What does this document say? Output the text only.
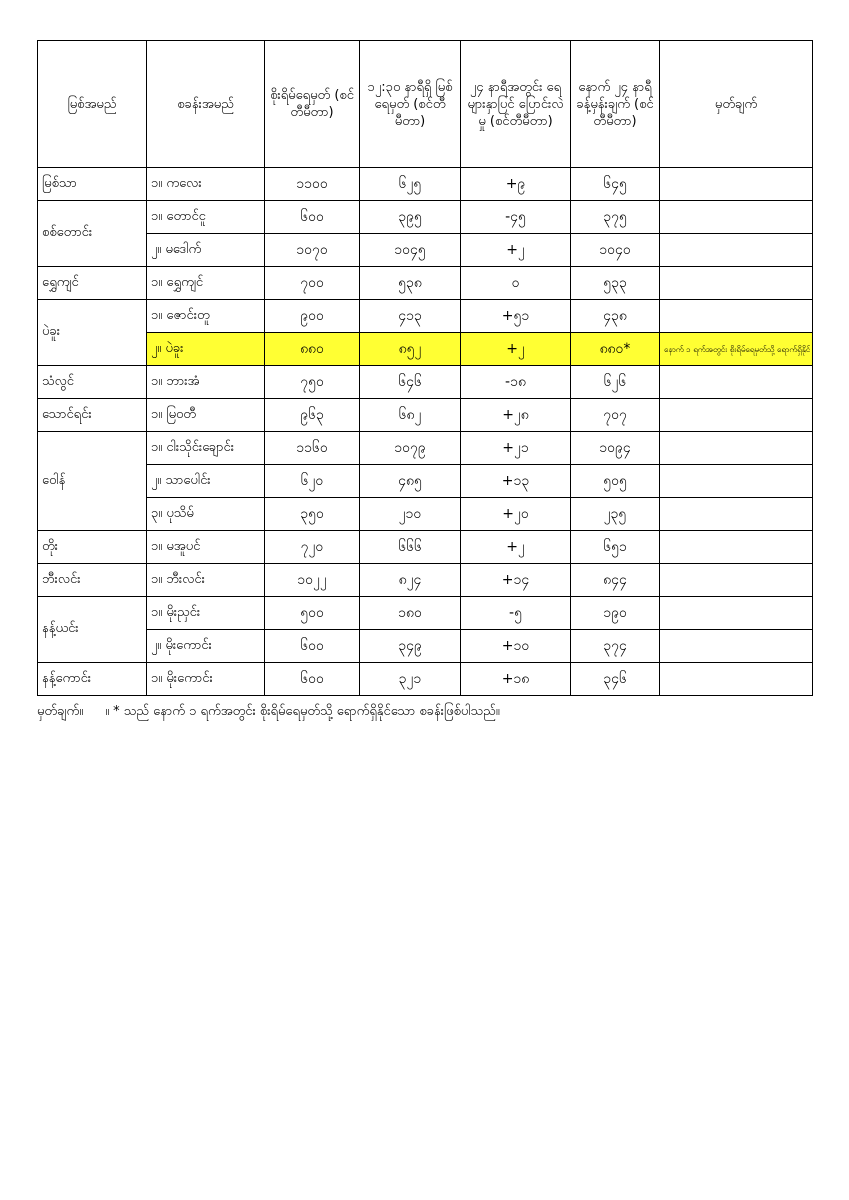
မြစ်အမည်	စခန်းအမည်	စိုးရိမ်ရေမှတ် (စင်တီမီတာ)	၁၂:၃၀ နာရီရှိ မြစ်ရေမှတ် (စင်တီမီတာ)	၂၄ နာရီအတွင်း ရေများနှာပြင် ပြောင်းလဲမှု (စင်တီမီတာ)	နောက် ၂၄ နာရီ ခန့်မှန်းချက် (စင်တီမီတာ)	မှတ်ချက်
မြစ်သာ	၁။ ကလေး	၁၁၀၀	၆၂၅	+၉	၆၄၅	
စစ်တောင်း	၁။ တောင်ငူ	၆၀၀	၃၉၅	-၄၅	၃၇၅	
	၂။ မဒေါက်	၁၀၇၀	၁၀၄၅	+၂	၁၀၄၀	
ရွှေကျင်	၁။ ရွှေကျင်	၇၀၀	၅၃၈	၀	၅၃၃	
ပဲခူး	၁။ ဇောင်းတူ	၉၀၀	၄၁၃	+၅၁	၄၃၈	
	၂။ ပဲခူး	၈၈၀	၈၅၂	+၂	၈၈၀*	နောက် ၁ ရက်အတွင်း စိုးရိမ်ရေမှတ်သို့ ရောက်ရှိနိုင်
သံလွင်	၁။ ဘားအံ	၇၅၀	၆၄၆	-၁၈	၆၂၆	
သောင်ရင်း	၁။ မြဝတီ	၉၆၃	၆၈၂	+၂၈	၇၀၇	
ဝေါန်	၁။ ငါးသိုင်းချောင်း	၁၁၆၀	၁၀၇၉	+၂၁	၁၀၉၄	
	၂။ သာပေါင်း	၆၂၀	၄၈၅	+၁၃	၅၀၅	
	၃။ ပုသိမ်	၃၅၀	၂၁၀	+၂၀	၂၃၅	
တိုး	၁။ မအူပင်	၇၂၀	၆၆၆	+၂	၆၅၁	
ဘီးလင်း	၁။ ဘီးလင်း	၁၀၂၂	၈၂၄	+၁၄	၈၄၄	
နန့်ယင်း	၁။ မိုးညှင်း	၅၀၀	၁၈၀	-၅	၁၉၀	
	၂။ မိုးကောင်း	၆၀၀	၃၄၉	+၁၀	၃၇၄	
နန့်ကောင်း	၁။ မိုးကောင်း	၆၀၀	၃၂၁	+၁၈	၃၄၆	
မှတ်ချက်။ ။ * သည် နောက် ၁ ရက်အတွင်း စိုးရိမ်ရေမှတ်သို့ ရောက်ရှိနိုင်သော စခန်းဖြစ်ပါသည်။
